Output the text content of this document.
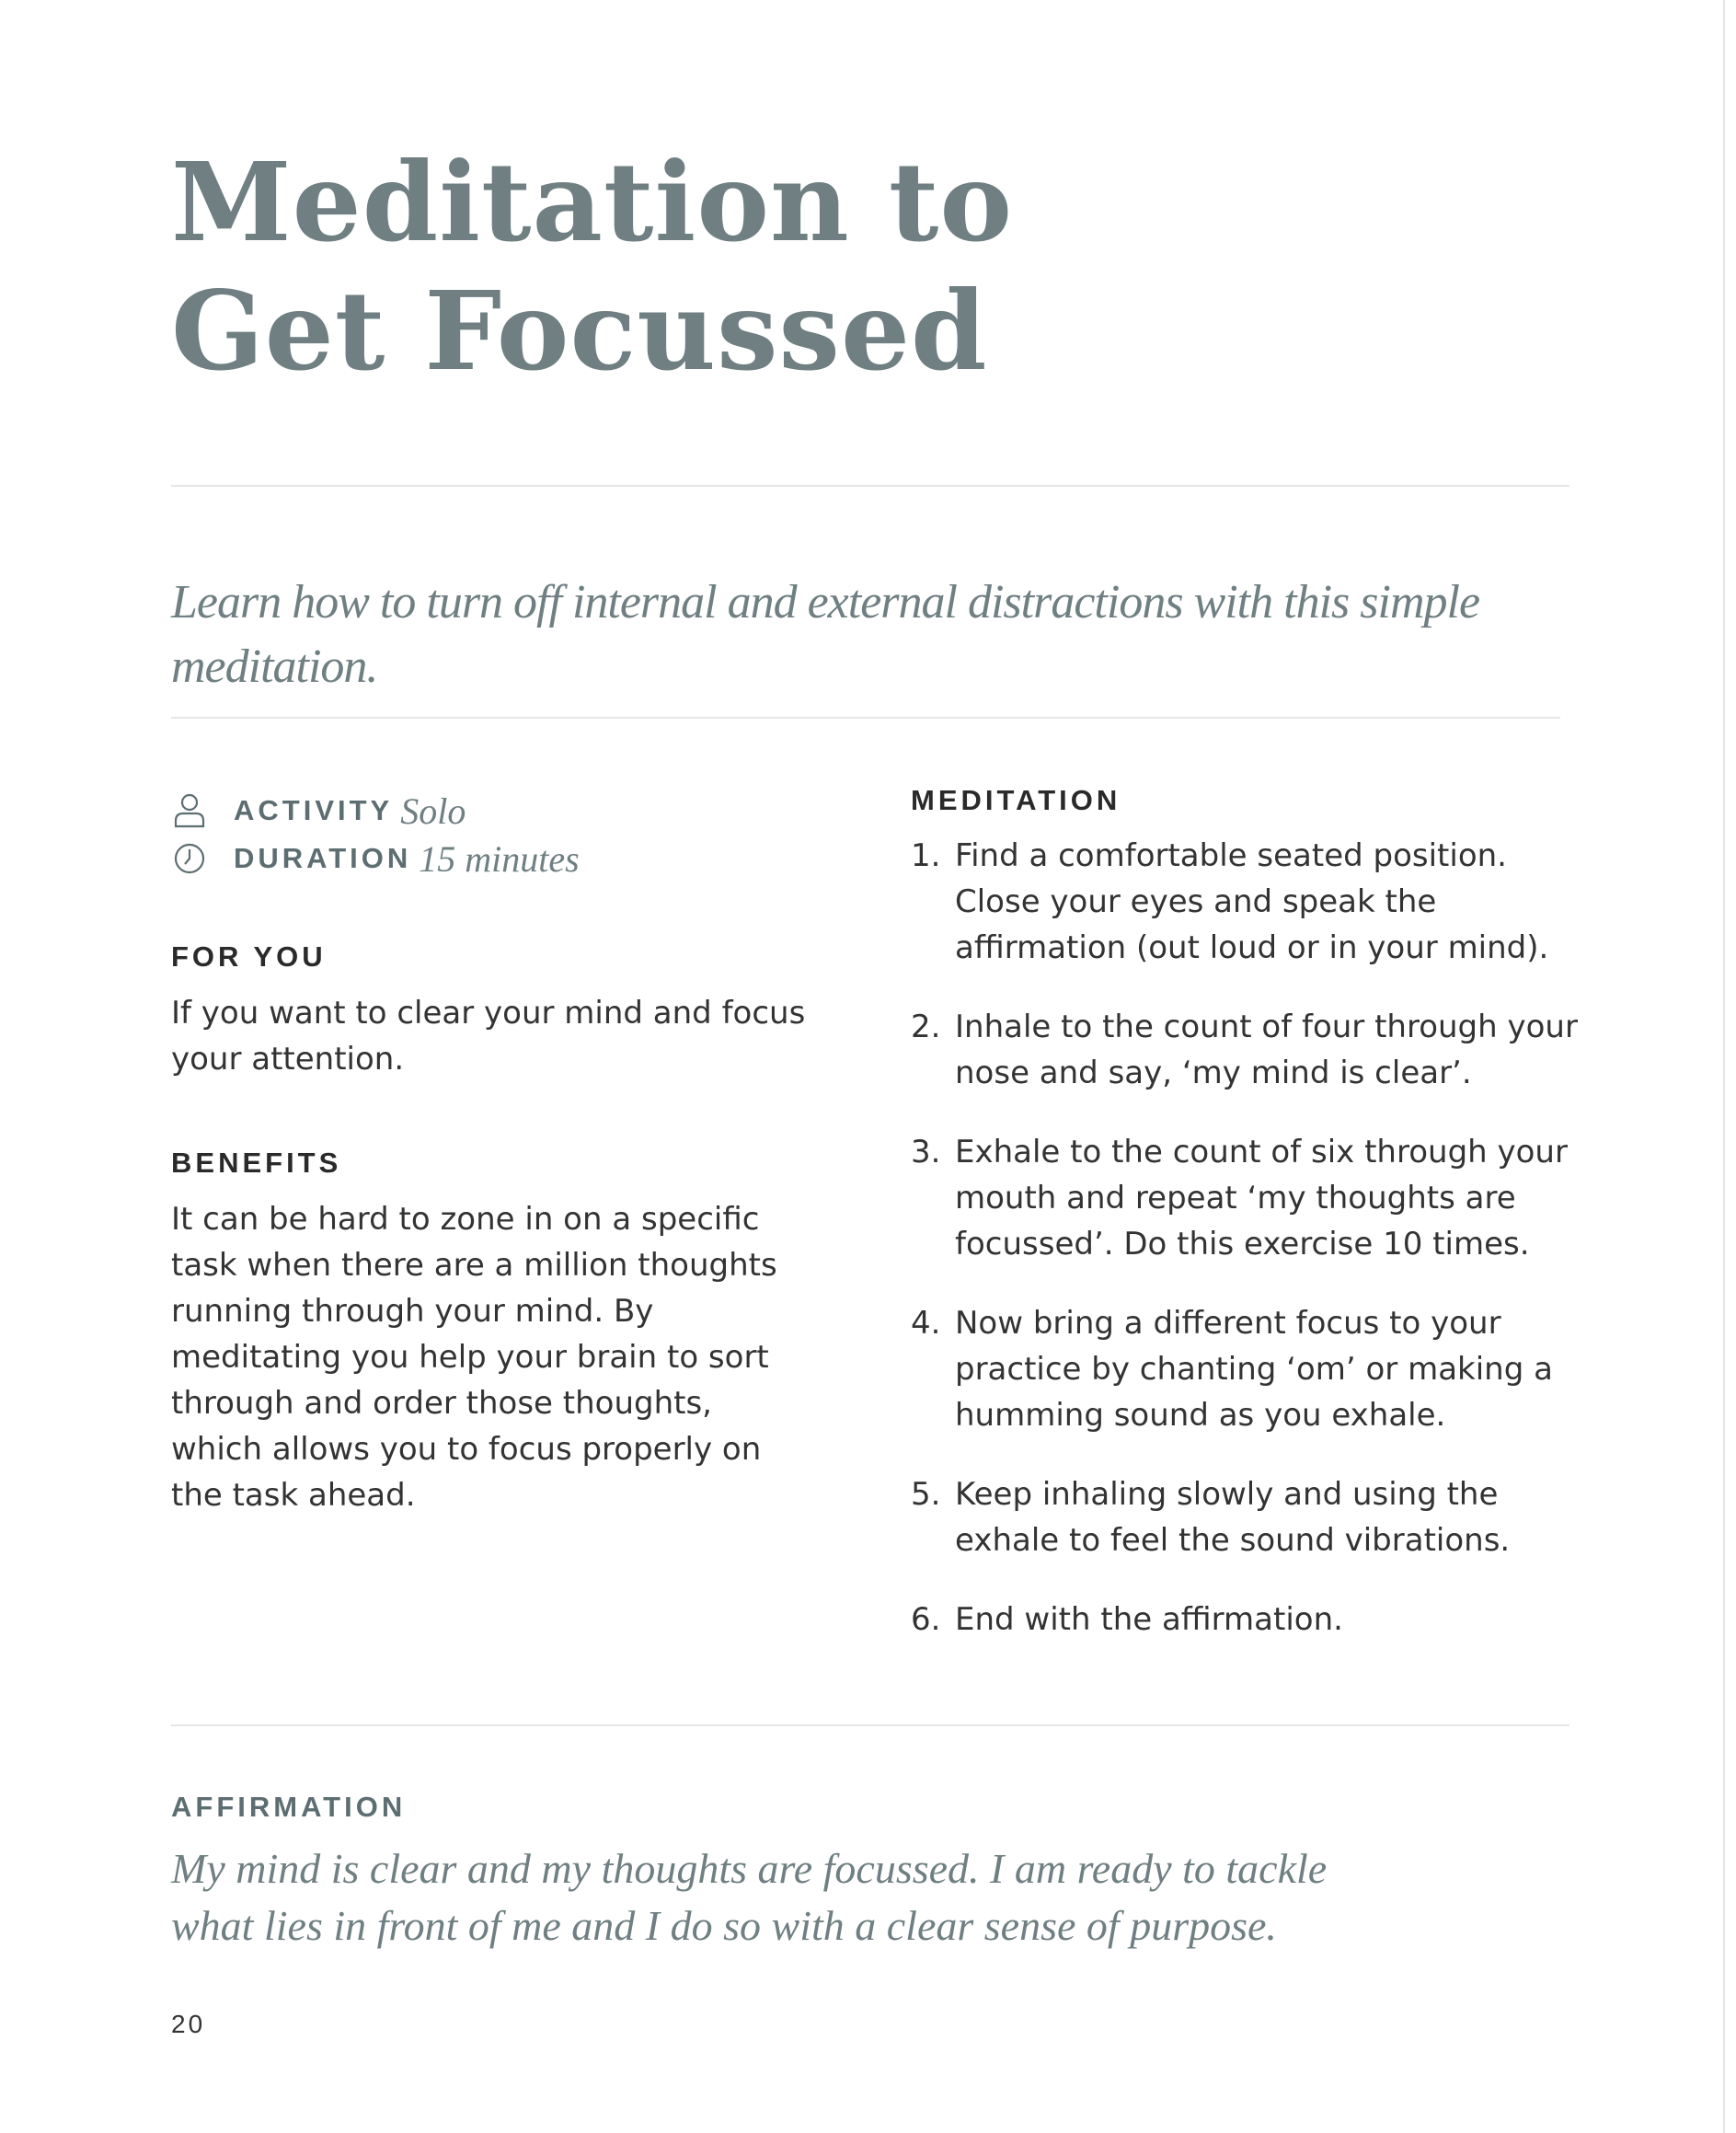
Meditation to
Get Focussed

Learn how to turn off internal and external distractions with this simple meditation.

ACTIVITY Solo
DURATION 15 minutes
FOR YOU

If you want to clear your mind and focus your attention.

BENEFITS

It can be hard to zone in on a specific task when there are a million thoughts running through your mind. By meditating you help your brain to sort through and order those thoughts, which allows you to focus properly on the task ahead.

MEDITATION
1. Find a comfortable seated position. Close your eyes and speak the affirmation (out loud or in your mind).
2. Inhale to the count of four through your nose and say, ‘my mind is clear’.
3. Exhale to the count of six through your mouth and repeat ‘my thoughts are focussed’. Do this exercise 10 times.
4. Now bring a different focus to your practice by chanting ‘om’ or making a humming sound as you exhale.
5. Keep inhaling slowly and using the exhale to feel the sound vibrations.
6. End with the affirmation.
AFFIRMATION

My mind is clear and my thoughts are focussed. I am ready to tackle what lies in front of me and I do so with a clear sense of purpose.

20
